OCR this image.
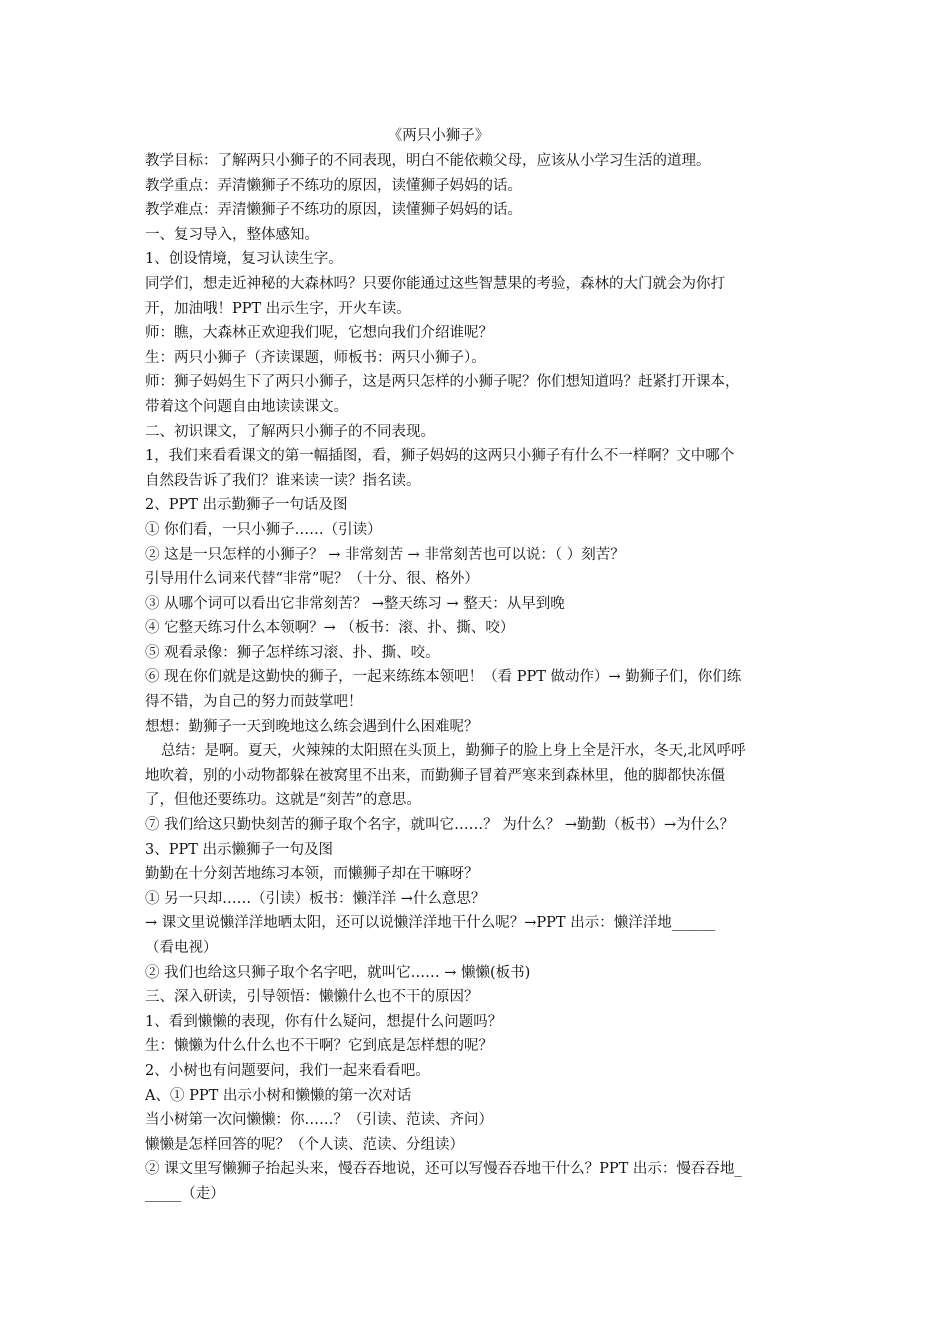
《两只小狮子》
教学目标：了解两只小狮子的不同表现，明白不能依赖父母，应该从小学习生活的道理。
教学重点：弄清懒狮子不练功的原因，读懂狮子妈妈的话。
教学难点：弄清懒狮子不练功的原因，读懂狮子妈妈的话。
一、复习导入，整体感知。
1、创设情境，复习认读生字。
同学们，想走近神秘的大森林吗？只要你能通过这些智慧果的考验，森林的大门就会为你打
开，加油哦！PPT 出示生字，开火车读。
师：瞧，大森林正欢迎我们呢，它想向我们介绍谁呢？
生：两只小狮子（齐读课题，师板书：两只小狮子）。
师：狮子妈妈生下了两只小狮子，这是两只怎样的小狮子呢？你们想知道吗？赶紧打开课本，
带着这个问题自由地读读课文。
二、初识课文，了解两只小狮子的不同表现。
1，我们来看看课文的第一幅插图，看，狮子妈妈的这两只小狮子有什么不一样啊？文中哪个
自然段告诉了我们？谁来读一读？指名读。
2、PPT 出示勤狮子一句话及图
① 你们看，一只小狮子……（引读）
② 这是一只怎样的小狮子？ → 非常刻苦 → 非常刻苦也可以说：（ ）刻苦？
引导用什么词来代替“非常”呢？（十分、很、格外）
③ 从哪个词可以看出它非常刻苦？ →整天练习 → 整天：从早到晚
④ 它整天练习什么本领啊？→ （板书：滚、扑、撕、咬）
⑤ 观看录像：狮子怎样练习滚、扑、撕、咬。
⑥ 现在你们就是这勤快的狮子，一起来练练本领吧！（看 PPT 做动作）→ 勤狮子们，你们练
得不错，为自己的努力而鼓掌吧！
想想：勤狮子一天到晚地这么练会遇到什么困难呢？
总结：是啊。夏天，火辣辣的太阳照在头顶上，勤狮子的脸上身上全是汗水，冬天,北风呼呼
地吹着，别的小动物都躲在被窝里不出来，而勤狮子冒着严寒来到森林里，他的脚都快冻僵
了，但他还要练功。这就是“刻苦”的意思。
⑦ 我们给这只勤快刻苦的狮子取个名字，就叫它……？ 为什么？ →勤勤（板书）→为什么？
3、PPT 出示懒狮子一句及图
勤勤在十分刻苦地练习本领，而懒狮子却在干嘛呀？
① 另一只却……（引读）板书：懒洋洋 →什么意思？
→ 课文里说懒洋洋地晒太阳，还可以说懒洋洋地干什么呢？→PPT 出示：懒洋洋地______
（看电视）
② 我们也给这只狮子取个名字吧，就叫它…… → 懒懒(板书)
三、深入研读，引导领悟：懒懒什么也不干的原因？
1、看到懒懒的表现，你有什么疑问，想提什么问题吗？
生：懒懒为什么什么也不干啊？它到底是怎样想的呢？
2、小树也有问题要问，我们一起来看看吧。
A、① PPT 出示小树和懒懒的第一次对话
当小树第一次问懒懒：你……？（引读、范读、齐问）
懒懒是怎样回答的呢？（个人读、范读、分组读）
② 课文里写懒狮子抬起头来，慢吞吞地说，还可以写慢吞吞地干什么？PPT 出示：慢吞吞地_
_____（走）
